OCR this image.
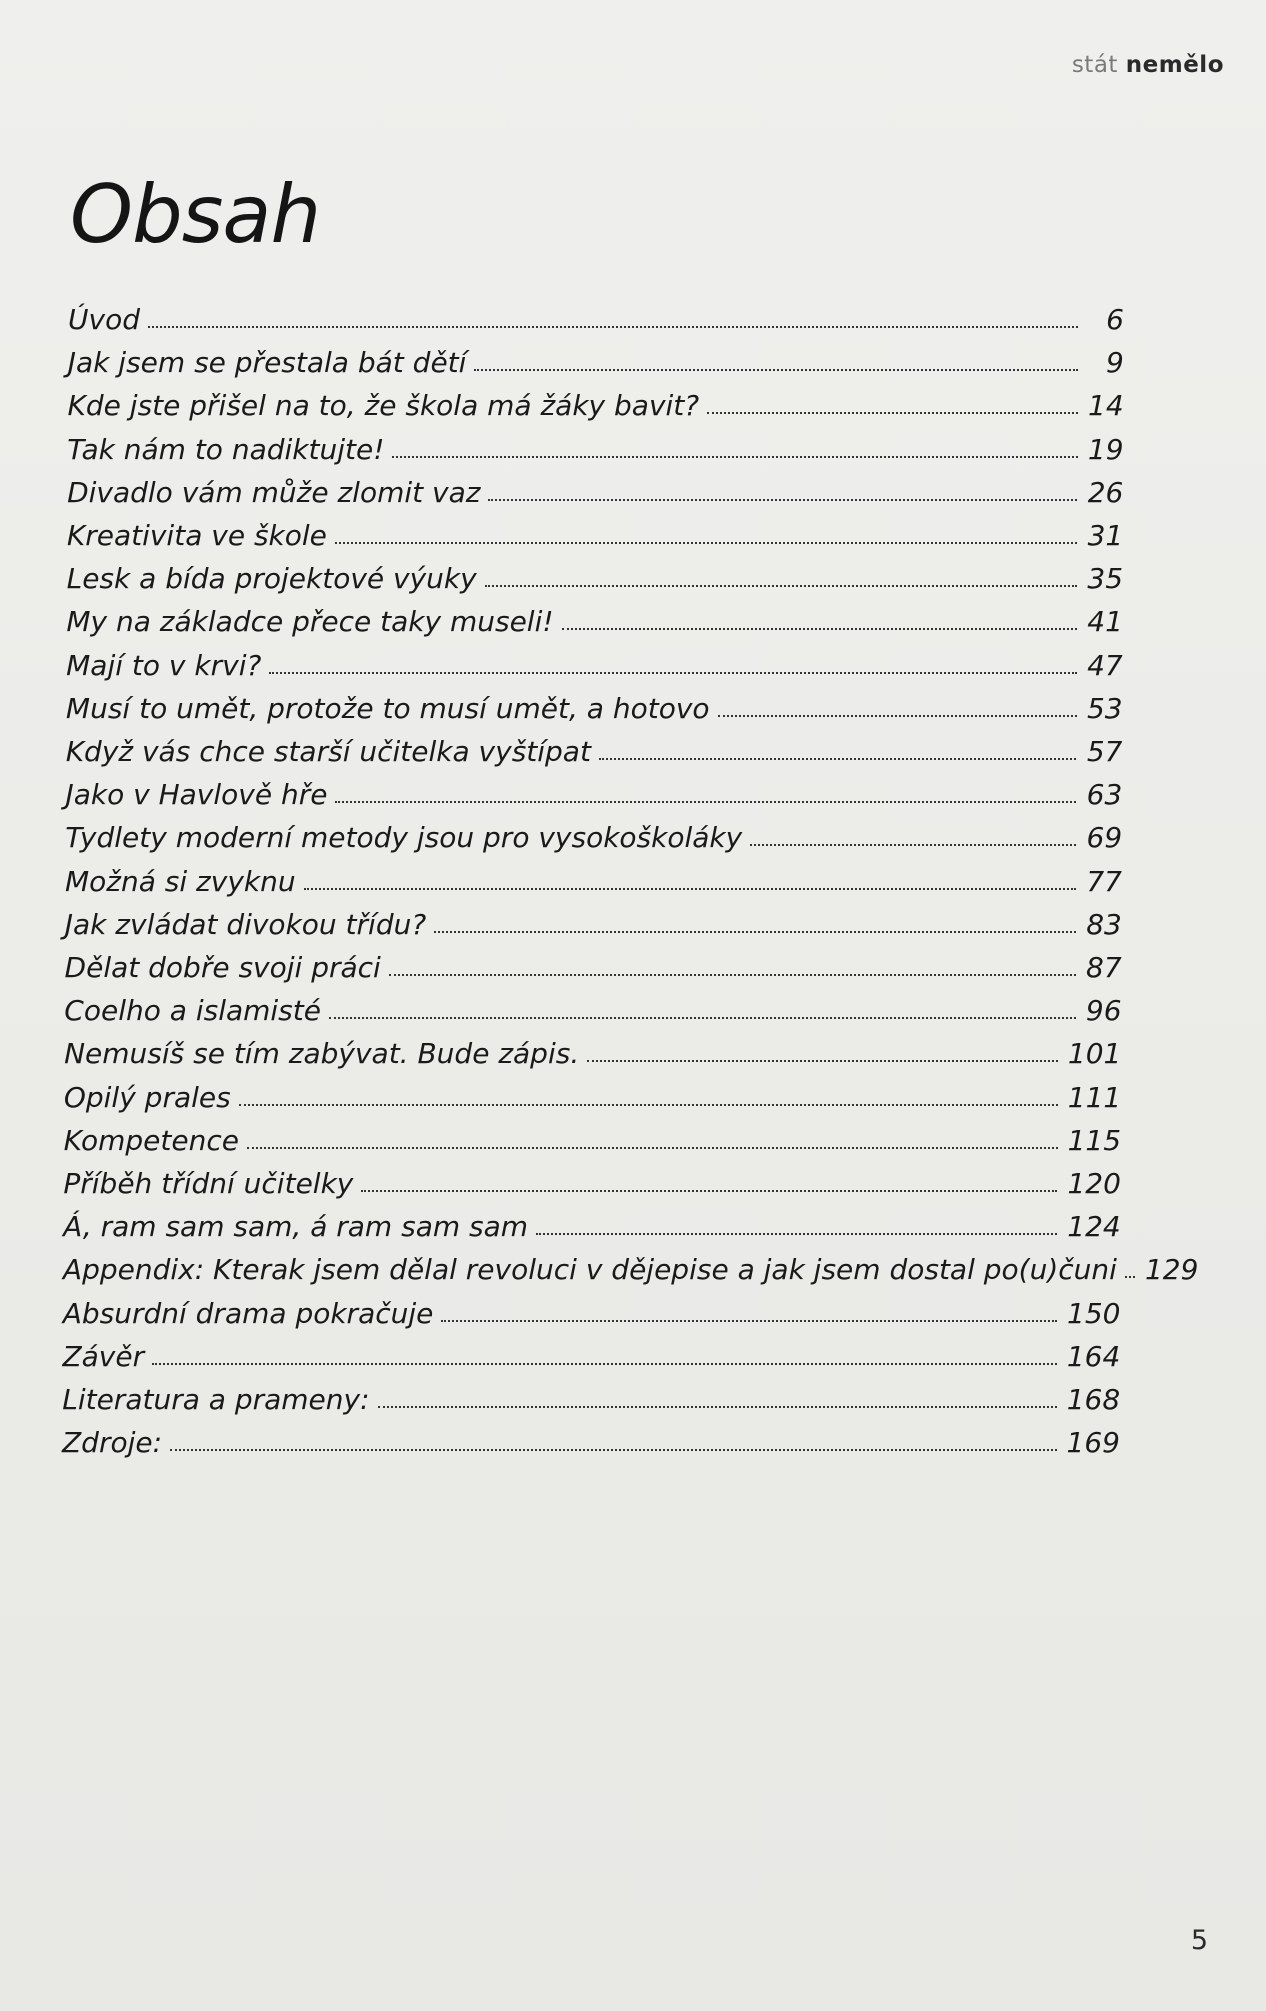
stát nemělo
Obsah
Úvod	6
Jak jsem se přestala bát dětí	9
Kde jste přišel na to, že škola má žáky bavit?	14
Tak nám to nadiktujte!	19
Divadlo vám může zlomit vaz	26
Kreativita ve škole	31
Lesk a bída projektové výuky	35
My na základce přece taky museli!	41
Mají to v krvi?	47
Musí to umět, protože to musí umět, a hotovo	53
Když vás chce starší učitelka vyštípat	57
Jako v Havlově hře	63
Tydlety moderní metody jsou pro vysokoškoláky	69
Možná si zvyknu	77
Jak zvládat divokou třídu?	83
Dělat dobře svoji práci	87
Coelho a islamisté	96
Nemusíš se tím zabývat. Bude zápis.	101
Opilý prales	111
Kompetence	115
Příběh třídní učitelky	120
Á, ram sam sam, á ram sam sam	124
Appendix: Kterak jsem dělal revoluci v dějepise a jak jsem dostal po(u)čuni	129
Absurdní drama pokračuje	150
Závěr	164
Literatura a prameny:	168
Zdroje:	169
5
